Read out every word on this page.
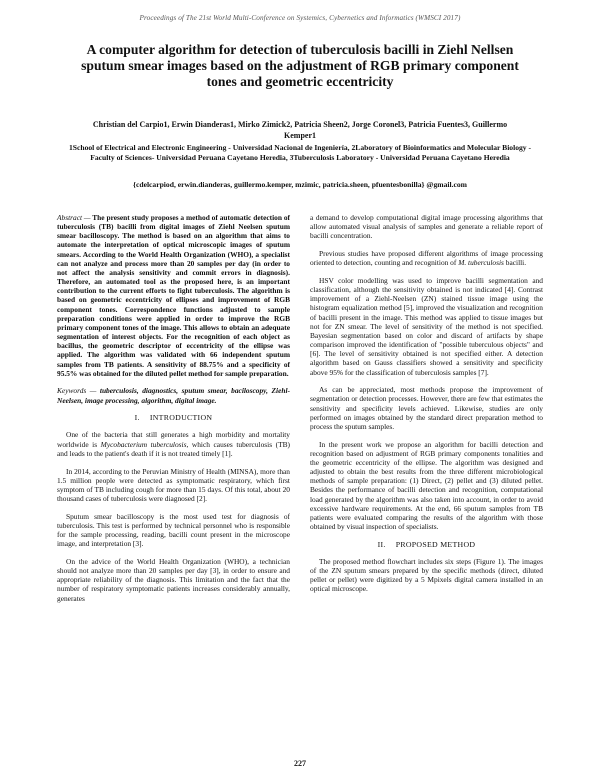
Proceedings of The 21st World Multi-Conference on Systemics, Cybernetics and Informatics (WMSCI 2017)
A computer algorithm for detection of tuberculosis bacilli in Ziehl Nellsen sputum smear images based on the adjustment of RGB primary component tones and geometric eccentricity
Christian del Carpio1, Erwin Dianderas1, Mirko Zimick2, Patricia Sheen2, Jorge Coronel3, Patricia Fuentes3, Guillermo Kemper1
1School of Electrical and Electronic Engineering - Universidad Nacional de Ingeniería, 2Laboratory of Bioinformatics and Molecular Biology - Faculty of Sciences- Universidad Peruana Cayetano Heredia, 3Tuberculosis Laboratory - Universidad Peruana Cayetano Heredia
{cdelcarpiod, erwin.dianderas, guillermo.kemper, mzimic, patricia.sheen, pfuentesbonilla} @gmail.com

Abstract — The present study proposes a method of automatic detection of tuberculosis (TB) bacilli from digital images of Ziehl Neelsen sputum smear bacilloscopy. The method is based on an algorithm that aims to automate the interpretation of optical microscopic images of sputum smears. According to the World Health Organization (WHO), a specialist can not analyze and process more than 20 samples per day (in order to not affect the analysis sensitivity and commit errors in diagnosis). Therefore, an automated tool as the proposed here, is an important contribution to the current efforts to fight tuberculosis. The algorithm is based on geometric eccentricity of ellipses and improvement of RGB component tones. Correspondence functions adjusted to sample preparation conditions were applied in order to improve the RGB primary component tones of the image. This allows to obtain an adequate segmentation of interest objects. For the recognition of each object as bacillus, the geometric descriptor of eccentricity of the ellipse was applied. The algorithm was validated with 66 independent sputum samples from TB patients. A sensitivity of 88.75% and a specificity of 95.5% was obtained for the diluted pellet method for sample preparation.

Keywords — tuberculosis, diagnostics, sputum smear, baciloscopy, Ziehl-Neelsen, image processing, algorithm, digital image.

I. INTRODUCTION

One of the bacteria that still generates a high morbidity and mortality worldwide is Mycobacterium tuberculosis, which causes tuberculosis (TB) and leads to the patient's death if it is not treated timely [1].

In 2014, according to the Peruvian Ministry of Health (MINSA), more than 1.5 million people were detected as symptomatic respiratory, which first symptom of TB including cough for more than 15 days. Of this total, about 20 thousand cases of tuberculosis were diagnosed [2].

Sputum smear bacilloscopy is the most used test for diagnosis of tuberculosis. This test is performed by technical personnel who is responsible for the sample processing, reading, bacilli count present in the microscope image, and interpretation [3].

On the advice of the World Health Organization (WHO), a technician should not analyze more than 20 samples per day [3], in order to ensure and appropriate reliability of the diagnosis. This limitation and the fact that the number of respiratory symptomatic patients increases considerably annually, generates

a demand to develop computational digital image processing algorithms that allow automated visual analysis of samples and generate a reliable report of bacilli concentration.

Previous studies have proposed different algorithms of image processing oriented to detection, counting and recognition of M. tuberculosis bacilli.

HSV color modelling was used to improve bacilli segmentation and classification, although the sensitivity obtained is not indicated [4]. Contrast improvement of a Ziehl-Neelsen (ZN) stained tissue image using the histogram equalization method [5], improved the visualization and recognition of bacilli present in the image. This method was applied to tissue images but not for ZN smear. The level of sensitivity of the method is not specified. Bayesian segmentation based on color and discard of artifacts by shape comparison improved the identification of "possible tuberculous objects" and [6]. The level of sensitivity obtained is not specified either. A detection algorithm based on Gauss classifiers showed a sensitivity and specificity above 95% for the classification of tuberculosis samples [7].

As can be appreciated, most methods propose the improvement of segmentation or detection processes. However, there are few that estimates the sensitivity and specificity levels achieved. Likewise, studies are only performed on images obtained by the standard direct preparation method to process the sputum samples.

In the present work we propose an algorithm for bacilli detection and recognition based on adjustment of RGB primary components tonalities and the geometric eccentricity of the ellipse. The algorithm was designed and adjusted to obtain the best results from the three different microbiological methods of sample preparation: (1) Direct, (2) pellet and (3) diluted pellet. Besides the performance of bacilli detection and recognition, computational load generated by the algorithm was also taken into account, in order to avoid excessive hardware requirements. At the end, 66 sputum samples from TB patients were evaluated comparing the results of the algorithm with those obtained by visual inspection of specialists.

II. PROPOSED METHOD

The proposed method flowchart includes six steps (Figure 1). The images of the ZN sputum smears prepared by the specific methods (direct, diluted pellet or pellet) were digitized by a 5 Mpixels digital camera installed in an optical microscope.

227
